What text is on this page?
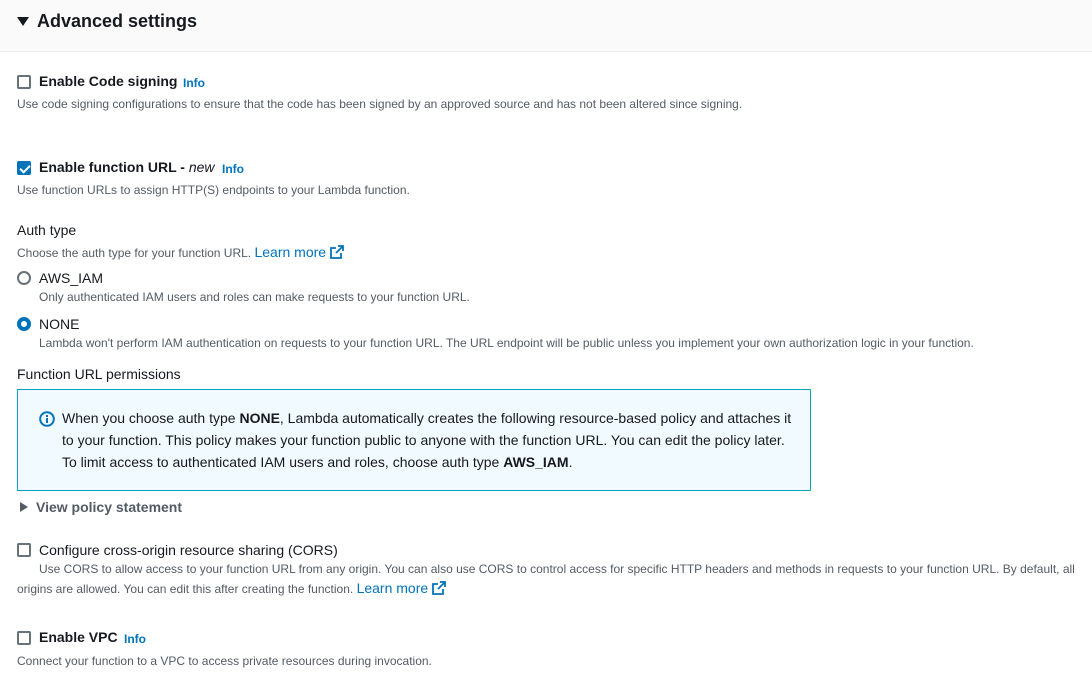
Advanced settings
Enable Code signing Info
Use code signing configurations to ensure that the code has been signed by an approved source and has not been altered since signing.
Enable function URL - new Info
Use function URLs to assign HTTP(S) endpoints to your Lambda function.
Auth type
Choose the auth type for your function URL. Learn more
AWS_IAM
Only authenticated IAM users and roles can make requests to your function URL.
NONE
Lambda won't perform IAM authentication on requests to your function URL. The URL endpoint will be public unless you implement your own authorization logic in your function.
Function URL permissions
When you choose auth type NONE, Lambda automatically creates the following resource-based policy and attaches it to your function. This policy makes your function public to anyone with the function URL. You can edit the policy later. To limit access to authenticated IAM users and roles, choose auth type AWS_IAM.
View policy statement
Configure cross-origin resource sharing (CORS)
Use CORS to allow access to your function URL from any origin. You can also use CORS to control access for specific HTTP headers and methods in requests to your function URL. By default, all
origins are allowed. You can edit this after creating the function. Learn more
Enable VPC Info
Connect your function to a VPC to access private resources during invocation.
